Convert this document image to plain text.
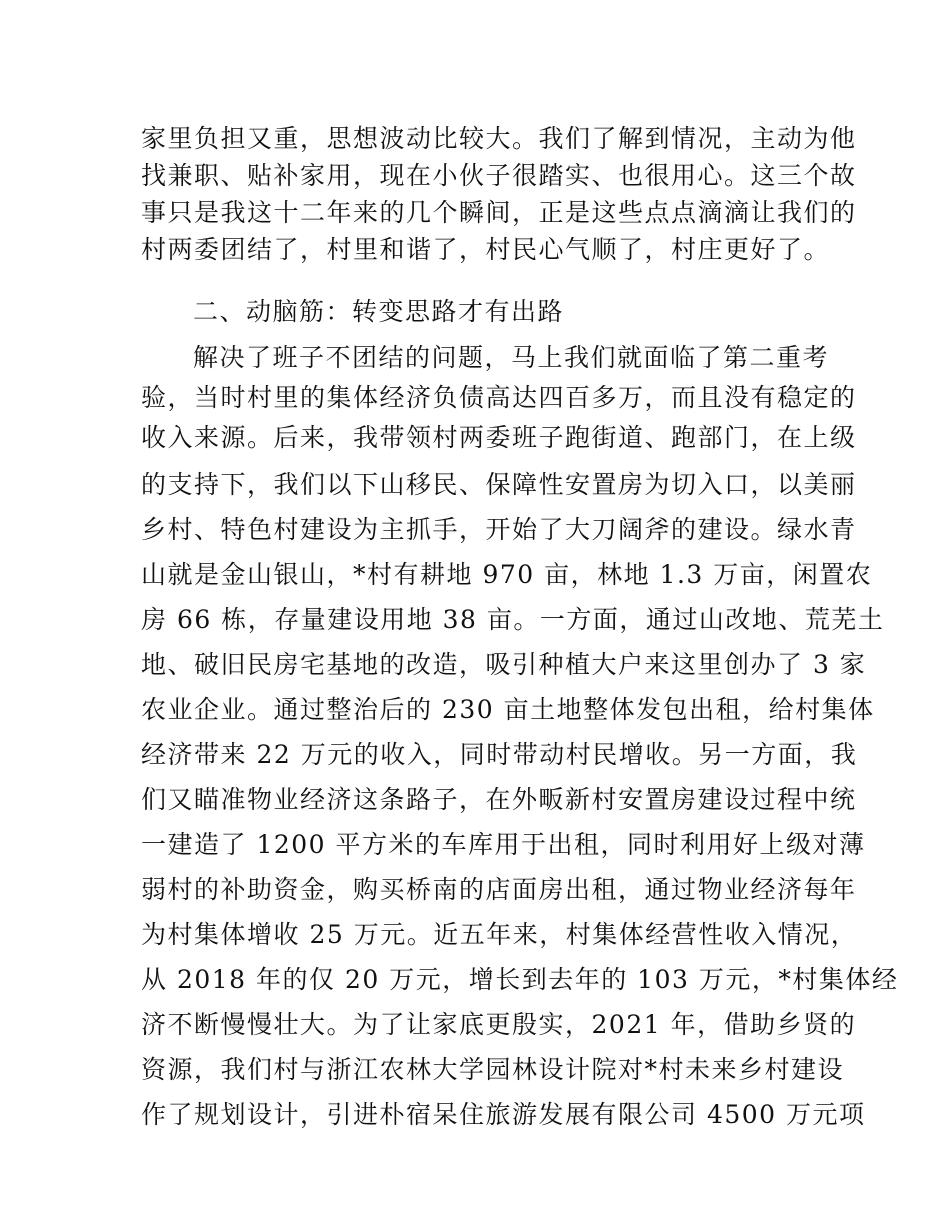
家里负担又重，思想波动比较大。我们了解到情况，主动为他
找兼职、贴补家用，现在小伙子很踏实、也很用心。这三个故
事只是我这十二年来的几个瞬间，正是这些点点滴滴让我们的
村两委团结了，村里和谐了，村民心气顺了，村庄更好了。
二、动脑筋：转变思路才有出路
解决了班子不团结的问题，马上我们就面临了第二重考
验，当时村里的集体经济负债高达四百多万，而且没有稳定的
收入来源。后来，我带领村两委班子跑街道、跑部门，在上级
的支持下，我们以下山移民、保障性安置房为切入口，以美丽
乡村、特色村建设为主抓手，开始了大刀阔斧的建设。绿水青
山就是金山银山，*村有耕地 970 亩，林地 1.3 万亩，闲置农
房 66 栋，存量建设用地 38 亩。一方面，通过山改地、荒芜土
地、破旧民房宅基地的改造，吸引种植大户来这里创办了 3 家
农业企业。通过整治后的 230 亩土地整体发包出租，给村集体
经济带来 22 万元的收入，同时带动村民增收。另一方面，我
们又瞄准物业经济这条路子，在外畈新村安置房建设过程中统
一建造了 1200 平方米的车库用于出租，同时利用好上级对薄
弱村的补助资金，购买桥南的店面房出租，通过物业经济每年
为村集体增收 25 万元。近五年来，村集体经营性收入情况，
从 2018 年的仅 20 万元，增长到去年的 103 万元，*村集体经
济不断慢慢壮大。为了让家底更殷实，2021 年，借助乡贤的
资源，我们村与浙江农林大学园林设计院对*村未来乡村建设
作了规划设计，引进朴宿呆住旅游发展有限公司 4500 万元项
